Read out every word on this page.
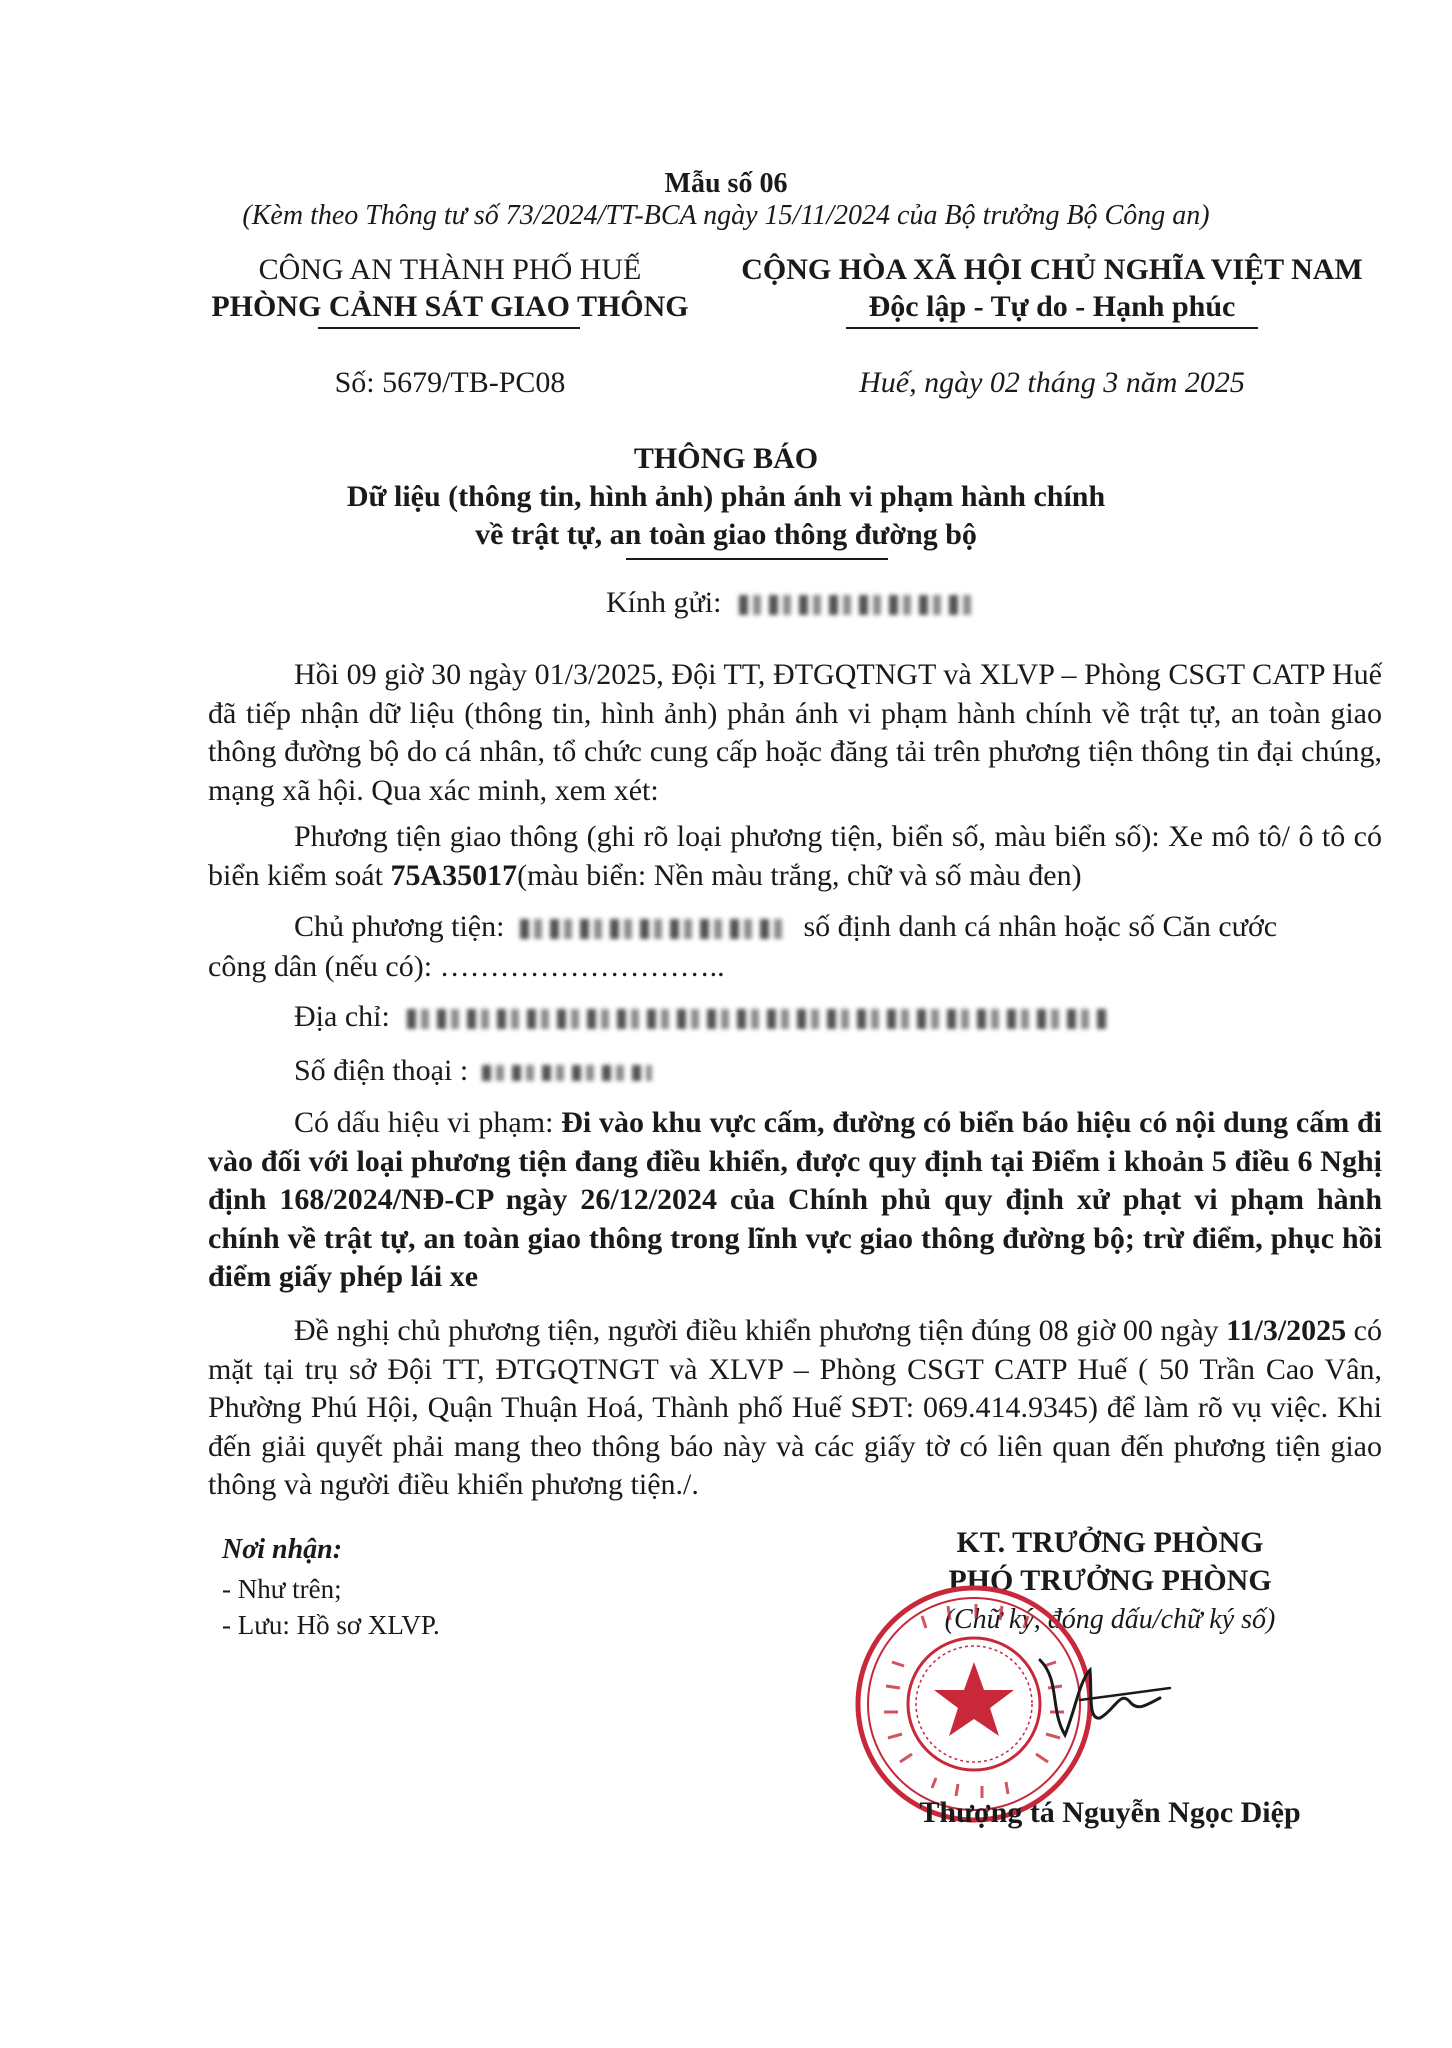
Mẫu số 06
(Kèm theo Thông tư số 73/2024/TT-BCA ngày 15/11/2024 của Bộ trưởng Bộ Công an)
CÔNG AN THÀNH PHỐ HUẾ
PHÒNG CẢNH SÁT GIAO THÔNG
Số: 5679/TB-PC08
CỘNG HÒA XÃ HỘI CHỦ NGHĨA VIỆT NAM
Độc lập - Tự do - Hạnh phúc
Huế, ngày 02 tháng 3 năm 2025
THÔNG BÁO
Dữ liệu (thông tin, hình ảnh) phản ánh vi phạm hành chính
về trật tự, an toàn giao thông đường bộ
Kính gửi:
Hồi 09 giờ 30 ngày 01/3/2025, Đội TT, ĐTGQTNGT và XLVP – Phòng CSGT CATP Huế đã tiếp nhận dữ liệu (thông tin, hình ảnh) phản ánh vi phạm hành chính về trật tự, an toàn giao thông đường bộ do cá nhân, tổ chức cung cấp hoặc đăng tải trên phương tiện thông tin đại chúng, mạng xã hội. Qua xác minh, xem xét:
Phương tiện giao thông (ghi rõ loại phương tiện, biển số, màu biển số): Xe mô tô/ ô tô có biển kiểm soát 75A35017(màu biển: Nền màu trắng, chữ và số màu đen)
Chủ phương tiện:	số định danh cá nhân hoặc số Căn cước
công dân (nếu có): ………………………..
Địa chỉ:
Số điện thoại :
Có dấu hiệu vi phạm: Đi vào khu vực cấm, đường có biển báo hiệu có nội dung cấm đi vào đối với loại phương tiện đang điều khiển, được quy định tại Điểm i khoản 5 điều 6 Nghị định 168/2024/NĐ-CP ngày 26/12/2024 của Chính phủ quy định xử phạt vi phạm hành chính về trật tự, an toàn giao thông trong lĩnh vực giao thông đường bộ; trừ điểm, phục hồi điểm giấy phép lái xe
Đề nghị chủ phương tiện, người điều khiển phương tiện đúng 08 giờ 00 ngày 11/3/2025 có mặt tại trụ sở Đội TT, ĐTGQTNGT và XLVP – Phòng CSGT CATP Huế ( 50 Trần Cao Vân, Phường Phú Hội, Quận Thuận Hoá, Thành phố Huế SĐT: 069.414.9345) để làm rõ vụ việc. Khi đến giải quyết phải mang theo thông báo này và các giấy tờ có liên quan đến phương tiện giao thông và người điều khiển phương tiện./.
Nơi nhận:
- Như trên;
- Lưu: Hồ sơ XLVP.
KT. TRƯỞNG PHÒNG
PHÓ TRƯỞNG PHÒNG
(Chữ ký, đóng dấu/chữ ký số)
Thượng tá Nguyễn Ngọc Diệp
